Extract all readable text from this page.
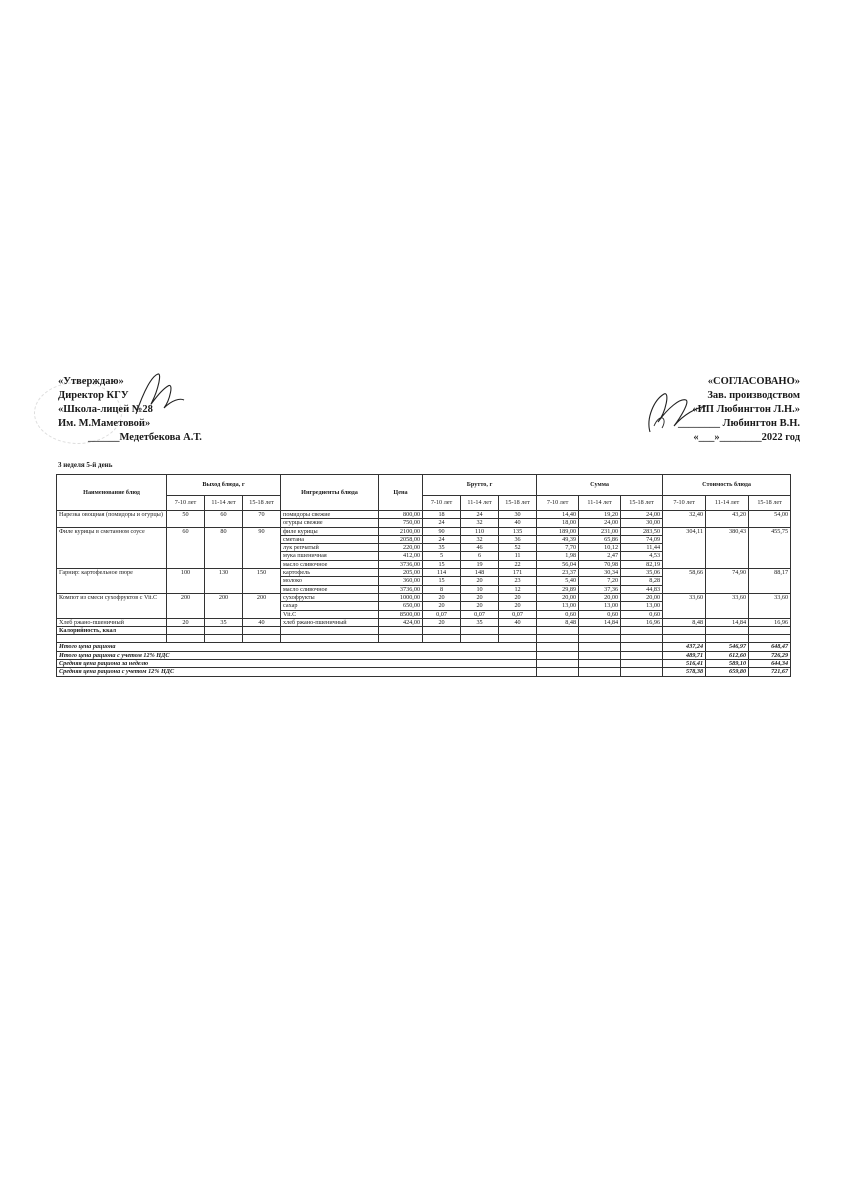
«Утверждаю»
Директор КГУ
«Школа-лицей №28
Им. М.Маметовой»
______Медетбекова А.Т.
«СОГЛАСОВАНО»
Зав. производством
«ИП Любингтон Л.Н.»
________ Любингтон В.Н.
«___»________2022 год
3 неделя 5-й день
Наименование блюд	Выход блюда, г			Ингредиенты блюда	Цена	Брутто, г			Сумма			Стоимость блюда		
	7-10 лет	11-14 лет	15-18 лет			7-10 лет	11-14 лет	15-18 лет	7-10 лет	11-14 лет	15-18 лет	7-10 лет	11-14 лет	15-18 лет
Нарезка овощная (помидоры и огурцы)	50	60	70	помидоры свежие	800,00	18	24	30	14,40	19,20	24,00	32,40	43,20	54,00
				огурцы свежие	750,00	24	32	40	18,00	24,00	30,00			
Филе курицы в сметанном соусе	60	80	90	филе курицы	2100,00	90	110	135	189,00	231,00	283,50	304,11	380,43	455,75
				сметана	2058,00	24	32	36	49,39	65,86	74,09			
				лук репчатый	220,00	35	46	52	7,70	10,12	11,44			
				мука пшеничная	412,00	5	6	11	1,98	2,47	4,53			
				масло сливочное	3736,00	15	19	22	56,04	70,98	82,19			
Гарнир: картофельное пюре	100	130	150	картофель	205,00	114	148	171	23,37	30,34	35,06	58,66	74,90	88,17
				молоко	360,00	15	20	23	5,40	7,20	8,28			
				масло сливочное	3736,00	8	10	12	29,89	37,36	44,83			
Компот из смеси сухофруктов с Vit.C	200	200	200	сухофрукты	1000,00	20	20	20	20,00	20,00	20,00	33,60	33,60	33,60
				сахар	650,00	20	20	20	13,00	13,00	13,00			
				Vit.C	8500,00	0,07	0,07	0,07	0,60	0,60	0,60			
Хлеб ржано-пшеничный	20	35	40	хлеб ржано-пшеничный	424,00	20	35	40	8,48	14,84	16,96	8,48	14,84	16,96
Калорийность, ккал														

Итого цена рациона												437,24	546,97	648,47
Итого цена рациона с учетом 12% НДС												489,71	612,60	726,29
Средняя цена рациона за неделю												516,41	589,10	644,34
Средняя цена рациона с учетом 12% НДС												578,38	659,80	721,67
